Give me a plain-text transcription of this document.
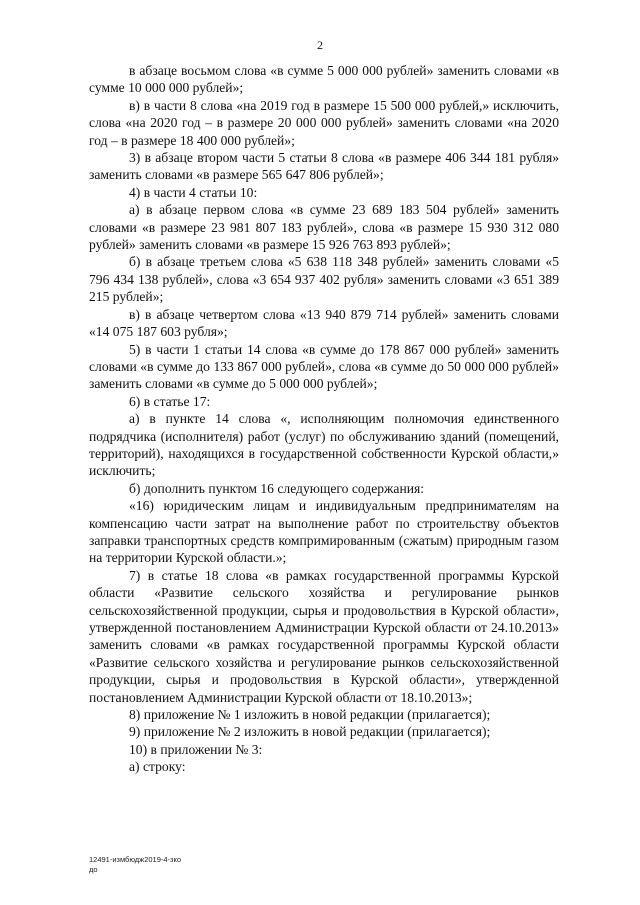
2

в абзаце восьмом слова «в сумме 5 000 000 рублей» заменить словами «в сумме 10 000 000 рублей»;

в) в части 8 слова «на 2019 год в размере 15 500 000 рублей,» исключить, слова «на 2020 год – в размере 20 000 000 рублей» заменить словами «на 2020 год – в размере 18 400 000 рублей»;

3) в абзаце втором части 5 статьи 8 слова «в размере 406 344 181 рубля» заменить словами «в размере 565 647 806 рублей»;

4) в части 4 статьи 10:

а) в абзаце первом слова «в сумме 23 689 183 504 рублей» заменить словами «в размере 23 981 807 183 рублей», слова «в размере 15 930 312 080 рублей» заменить словами «в размере 15 926 763 893 рублей»;

б) в абзаце третьем слова «5 638 118 348 рублей» заменить словами «5 796 434 138 рублей», слова «3 654 937 402 рубля» заменить словами «3 651 389 215 рублей»;

в) в абзаце четвертом слова «13 940 879 714 рублей» заменить словами «14 075 187 603 рубля»;

5) в части 1 статьи 14 слова «в сумме до 178 867 000 рублей» заменить словами «в сумме до 133 867 000 рублей», слова «в сумме до 50 000 000 рублей» заменить словами «в сумме до 5 000 000 рублей»;

6) в статье 17:

а) в пункте 14 слова «, исполняющим полномочия единственного подрядчика (исполнителя) работ (услуг) по обслуживанию зданий (помещений, территорий), находящихся в государственной собственности Курской области,» исключить;

б) дополнить пунктом 16 следующего содержания:

«16) юридическим лицам и индивидуальным предпринимателям на компенсацию части затрат на выполнение работ по строительству объектов заправки транспортных средств компримированным (сжатым) природным газом на территории Курской области.»;

7) в статье 18 слова «в рамках государственной программы Курской области «Развитие сельского хозяйства и регулирование рынков сельскохозяйственной продукции, сырья и продовольствия в Курской области», утвержденной постановлением Администрации Курской области от 24.10.2013» заменить словами «в рамках государственной программы Курской области «Развитие сельского хозяйства и регулирование рынков сельскохозяйственной продукции, сырья и продовольствия в Курской области», утвержденной постановлением Администрации Курской области от 18.10.2013»;

8) приложение № 1 изложить в новой редакции (прилагается);

9) приложение № 2 изложить в новой редакции (прилагается);

10) в приложении № 3:

а) строку:

12491-измбюдж2019-4-зко
до
